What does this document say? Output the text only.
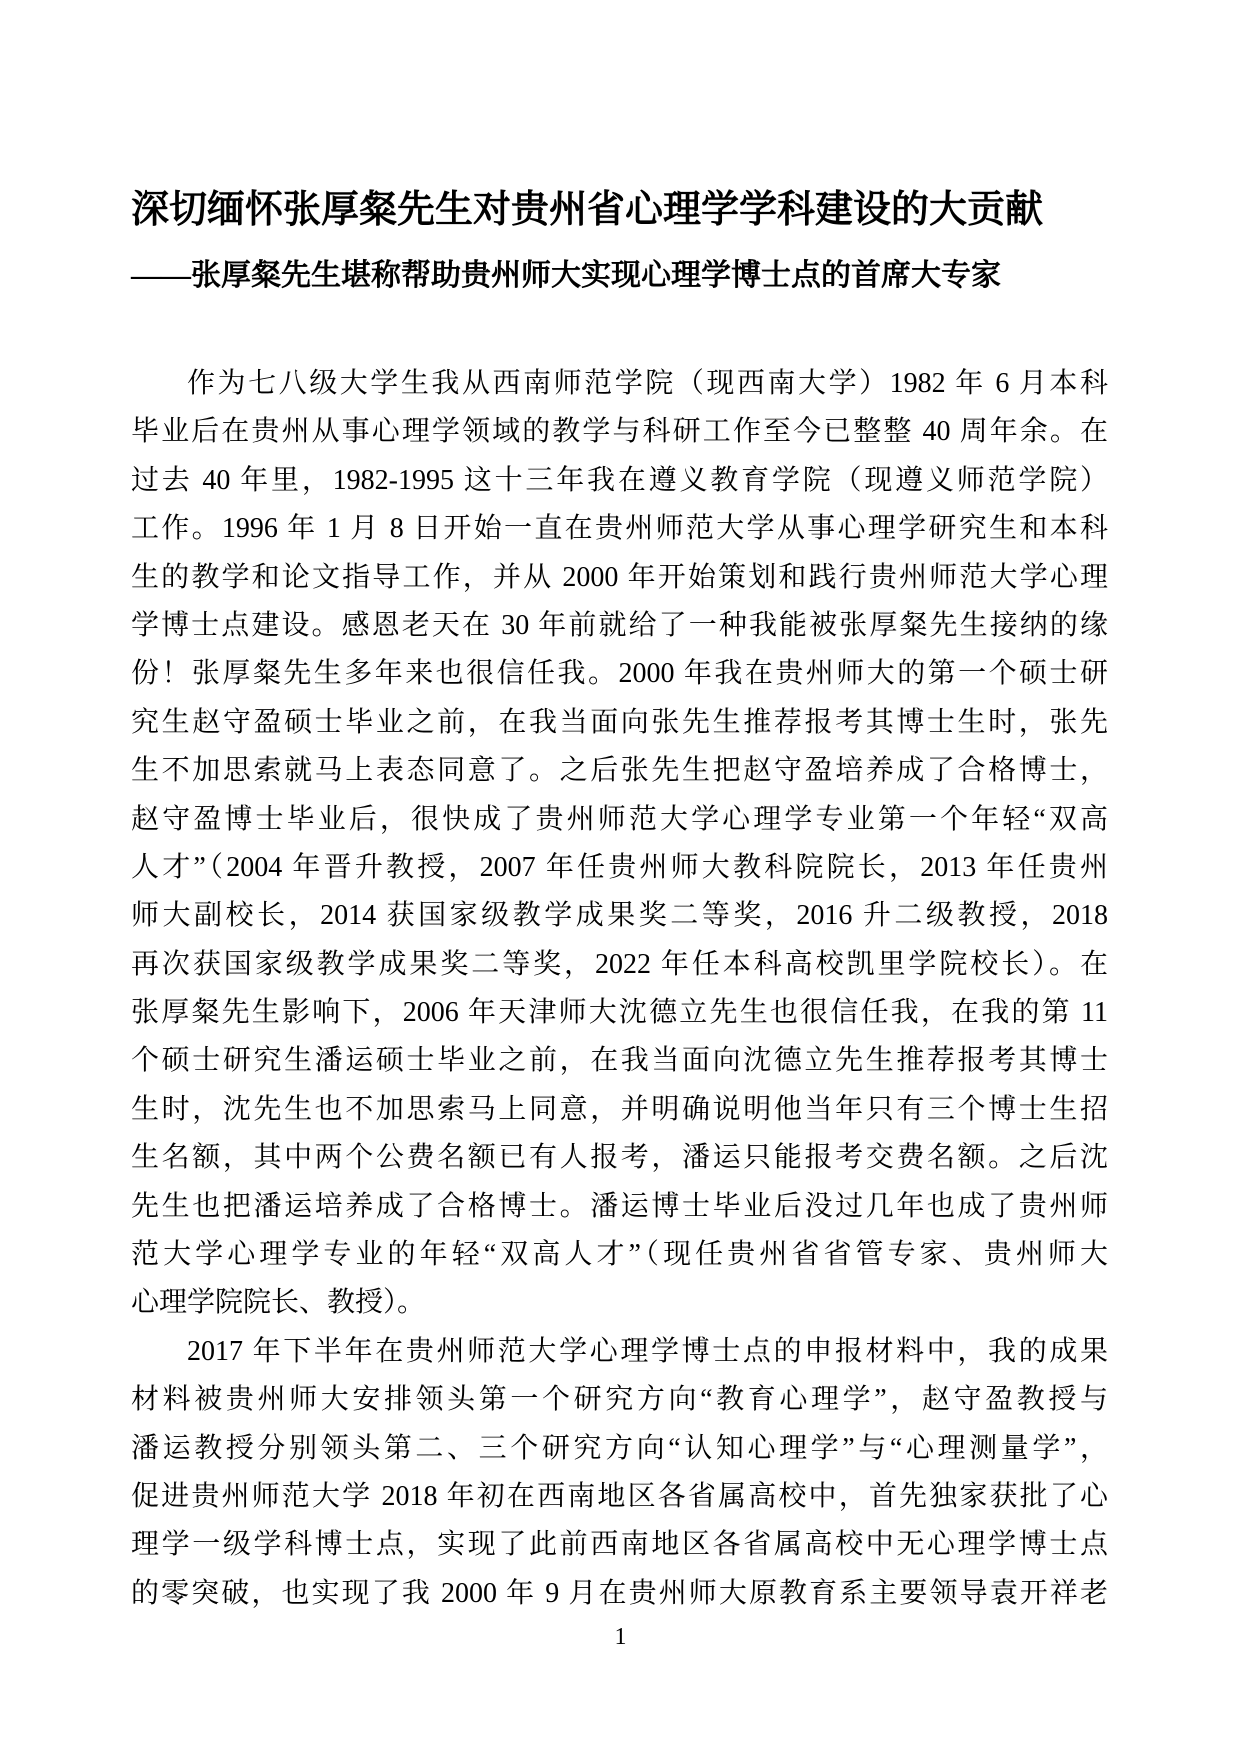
深切缅怀张厚粲先生对贵州省心理学学科建设的大贡献
——张厚粲先生堪称帮助贵州师大实现心理学博士点的首席大专家
作为七八级大学生我从西南师范学院（现西南大学）1982 年 6 月本科
毕业后在贵州从事心理学领域的教学与科研工作至今已整整 40 周年余。在
过去 40 年里，1982-1995 这十三年我在遵义教育学院（现遵义师范学院）
工作。1996 年 1 月 8 日开始一直在贵州师范大学从事心理学研究生和本科
生的教学和论文指导工作，并从 2000 年开始策划和践行贵州师范大学心理
学博士点建设。感恩老天在 30 年前就给了一种我能被张厚粲先生接纳的缘
份！张厚粲先生多年来也很信任我。2000 年我在贵州师大的第一个硕士研
究生赵守盈硕士毕业之前，在我当面向张先生推荐报考其博士生时，张先
生不加思索就马上表态同意了。之后张先生把赵守盈培养成了合格博士，
赵守盈博士毕业后，很快成了贵州师范大学心理学专业第一个年轻“双高
人才”（2004 年晋升教授，2007 年任贵州师大教科院院长，2013 年任贵州
师大副校长，2014 获国家级教学成果奖二等奖，2016 升二级教授，2018
再次获国家级教学成果奖二等奖，2022 年任本科高校凯里学院校长）。在
张厚粲先生影响下，2006 年天津师大沈德立先生也很信任我，在我的第 11
个硕士研究生潘运硕士毕业之前，在我当面向沈德立先生推荐报考其博士
生时，沈先生也不加思索马上同意，并明确说明他当年只有三个博士生招
生名额，其中两个公费名额已有人报考，潘运只能报考交费名额。之后沈
先生也把潘运培养成了合格博士。潘运博士毕业后没过几年也成了贵州师
范大学心理学专业的年轻“双高人才”（现任贵州省省管专家、贵州师大
心理学院院长、教授）。
2017 年下半年在贵州师范大学心理学博士点的申报材料中，我的成果
材料被贵州师大安排领头第一个研究方向“教育心理学”，赵守盈教授与
潘运教授分别领头第二、三个研究方向“认知心理学”与“心理测量学”，
促进贵州师范大学 2018 年初在西南地区各省属高校中，首先独家获批了心
理学一级学科博士点，实现了此前西南地区各省属高校中无心理学博士点
的零突破，也实现了我 2000 年 9 月在贵州师大原教育系主要领导袁开祥老
1
